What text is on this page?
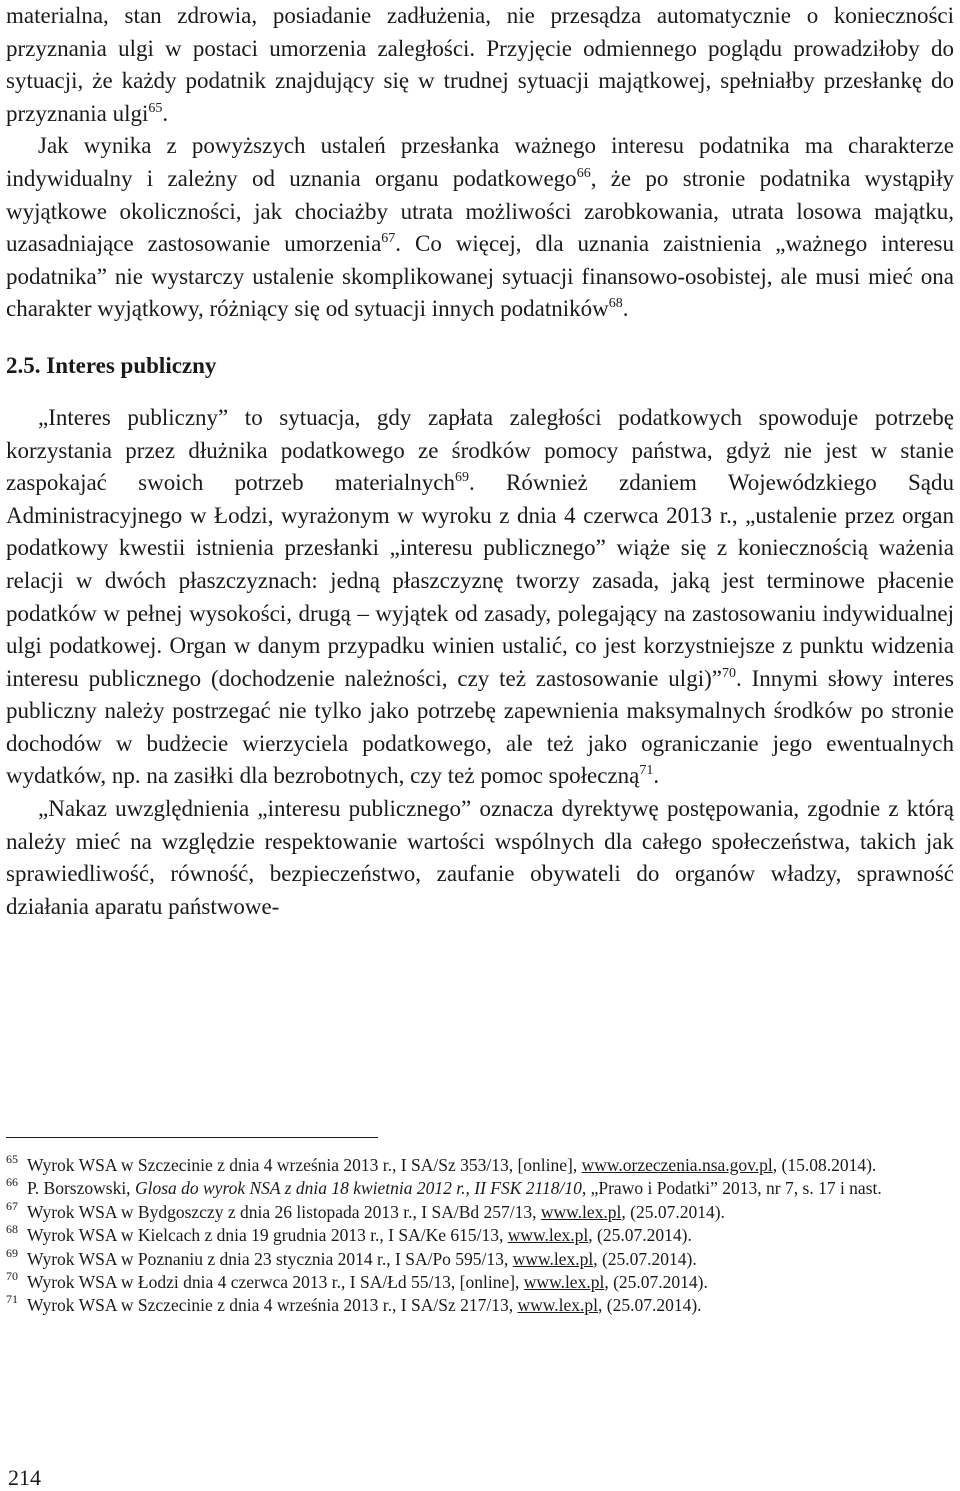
materialna, stan zdrowia, posiadanie zadłużenia, nie przesądza automatycznie o konieczności przyznania ulgi w postaci umorzenia zaległości. Przyjęcie odmiennego poglądu prowadziłoby do sytuacji, że każdy podatnik znajdujący się w trudnej sytuacji majątkowej, spełniałby przesłankę do przyznania ulgi$^{65}$.

Jak wynika z powyższych ustaleń przesłanka ważnego interesu podatnika ma charakterze indywidualny i zależny od uznania organu podatkowego$^{66}$, że po stronie podatnika wystąpiły wyjątkowe okoliczności, jak chociażby utrata możliwości zarobkowania, utrata losowa majątku, uzasadniające zastosowanie umorzenia$^{67}$. Co więcej, dla uznania zaistnienia „ważnego interesu podatnika” nie wystarczy ustalenie skomplikowanej sytuacji finansowo-osobistej, ale musi mieć ona charakter wyjątkowy, różniący się od sytuacji innych podatników$^{68}$.

2.5. Interes publiczny

„Interes publiczny” to sytuacja, gdy zapłata zaległości podatkowych spowoduje potrzebę korzystania przez dłużnika podatkowego ze środków pomocy państwa, gdyż nie jest w stanie zaspokajać swoich potrzeb materialnych$^{69}$. Również zdaniem Wojewódzkiego Sądu Administracyjnego w Łodzi, wyrażonym w wyroku z dnia 4 czerwca 2013 r., „ustalenie przez organ podatkowy kwestii istnienia przesłanki „interesu publicznego” wiąże się z koniecznością ważenia relacji w dwóch płaszczyznach: jedną płaszczyznę tworzy zasada, jaką jest terminowe płacenie podatków w pełnej wysokości, drugą – wyjątek od zasady, polegający na zastosowaniu indywidualnej ulgi podatkowej. Organ w danym przypadku winien ustalić, co jest korzystniejsze z punktu widzenia interesu publicznego (dochodzenie należności, czy też zastosowanie ulgi)”$^{70}$. Innymi słowy interes publiczny należy postrzegać nie tylko jako potrzebę zapewnienia maksymalnych środków po stronie dochodów w budżecie wierzyciela podatkowego, ale też jako ograniczanie jego ewentualnych wydatków, np. na zasiłki dla bezrobotnych, czy też pomoc społeczną$^{71}$.

„Nakaz uwzględnienia „interesu publicznego” oznacza dyrektywę postępowania, zgodnie z którą należy mieć na względzie respektowanie wartości wspólnych dla całego społeczeństwa, takich jak sprawiedliwość, równość, bezpieczeństwo, zaufanie obywateli do organów władzy, sprawność działania aparatu państwowe-

65 Wyrok WSA w Szczecinie z dnia 4 września 2013 r., I SA/Sz 353/13, [online], www.orzeczenia.nsa.gov.pl, (15.08.2014).
66 P. Borszowski, Glosa do wyrok NSA z dnia 18 kwietnia 2012 r., II FSK 2118/10, „Prawo i Podatki” 2013, nr 7, s. 17 i nast.
67 Wyrok WSA w Bydgoszczy z dnia 26 listopada 2013 r., I SA/Bd 257/13, www.lex.pl, (25.07.2014).
68 Wyrok WSA w Kielcach z dnia 19 grudnia 2013 r., I SA/Ke 615/13, www.lex.pl, (25.07.2014).
69 Wyrok WSA w Poznaniu z dnia 23 stycznia 2014 r., I SA/Po 595/13, www.lex.pl, (25.07.2014).
70 Wyrok WSA w Łodzi dnia 4 czerwca 2013 r., I SA/Łd 55/13, [online], www.lex.pl, (25.07.2014).
71 Wyrok WSA w Szczecinie z dnia 4 września 2013 r., I SA/Sz 217/13, www.lex.pl, (25.07.2014).
214
